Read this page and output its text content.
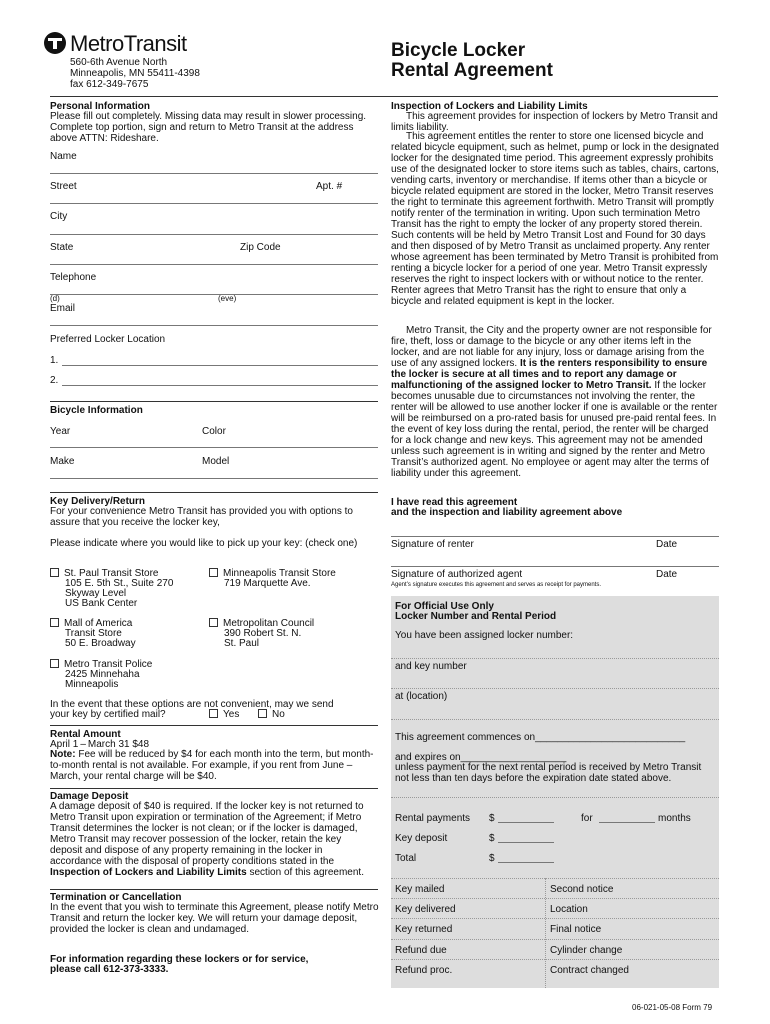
MetroTransit
560-6th Avenue North
Minneapolis, MN 55411-4398
fax 612-349-7675
Bicycle Locker
Rental Agreement
Personal Information
Please fill out completely. Missing data may result in slower processing. Complete top portion, sign and return to Metro Transit at the address above ATTN: Rideshare.
Name
Street	Apt. #
City
State	Zip Code
Telephone
(d)	(eve)
Email
Preferred Locker Location
1.
2.
Bicycle Information
Year	Color
Make	Model
Key Delivery/Return
For your convenience Metro Transit has provided you with options to assure that you receive the locker key,
Please indicate where you would like to pick up your key: (check one)
St. Paul Transit Store
105 E. 5th St., Suite 270
Skyway Level
US Bank Center
Minneapolis Transit Store
719 Marquette Ave.
Mall of America
Transit Store
50 E. Broadway
Metropolitan Council
390 Robert St. N.
St. Paul
Metro Transit Police
2425 Minnehaha
Minneapolis
In the event that these options are not convenient, may we send
your key by certified mail?	Yes	No
Rental Amount
April 1 – March 31 $48
Note: Fee will be reduced by $4 for each month into the term, but month-to-month rental is not available. For example, if you rent from June – March, your rental charge will be $40.
Damage Deposit
A damage deposit of $40 is required. If the locker key is not returned to Metro Transit upon expiration or termination of the Agreement; if Metro Transit determines the locker is not clean; or if the locker is damaged, Metro Transit may recover possession of the locker, retain the key deposit and dispose of any property remaining in the locker in accordance with the disposal of property conditions stated in the Inspection of Lockers and Liability Limits section of this agreement.
Termination or Cancellation
In the event that you wish to terminate this Agreement, please notify Metro Transit and return the locker key. We will return your damage deposit, provided the locker is clean and undamaged.
For information regarding these lockers or for service,
please call 612-373-3333.
Inspection of Lockers and Liability Limits
This agreement provides for inspection of lockers by Metro Transit and limits liability.
This agreement entitles the renter to store one licensed bicycle and related bicycle equipment, such as helmet, pump or lock in the designated locker for the designated time period. This agreement expressly prohibits use of the designated locker to store items such as tables, chairs, cartons, vending carts, inventory or merchandise. If items other than a bicycle or bicycle related equipment are stored in the locker, Metro Transit reserves the right to terminate this agreement forthwith. Metro Transit will promptly notify renter of the termination in writing. Upon such termination Metro Transit has the right to empty the locker of any property stored therein. Such contents will be held by Metro Transit Lost and Found for 30 days and then disposed of by Metro Transit as unclaimed property. Any renter whose agreement has been terminated by Metro Transit is prohibited from renting a bicycle locker for a period of one year. Metro Transit expressly reserves the right to inspect lockers with or without notice to the renter. Renter agrees that Metro Transit has the right to ensure that only a bicycle and related equipment is kept in the locker.
Metro Transit, the City and the property owner are not responsible for fire, theft, loss or damage to the bicycle or any other items left in the locker, and are not liable for any injury, loss or damage arising from the use of any assigned lockers. It is the renters responsibility to ensure the locker is secure at all times and to report any damage or malfunctioning of the assigned locker to Metro Transit. If the locker becomes unusable due to circumstances not involving the renter, the renter will be allowed to use another locker if one is available or the renter will be reimbursed on a pro-rated basis for unused pre-paid rental fees. In the event of key loss during the rental, period, the renter will be charged for a lock change and new keys. This agreement may not be amended unless such agreement is in writing and signed by the renter and Metro Transit’s authorized agent. No employee or agent may alter the terms of liability under this agreement.
I have read this agreement
and the inspection and liability agreement above
Signature of renter	Date
Signature of authorized agent	Date
Agent’s signature executes this agreement and serves as receipt for payments.
For Official Use Only
Locker Number and Rental Period
You have been assigned locker number:
and key number
at (location)
This agreement commences on___________________________
and expires on___________________
unless payment for the next rental period is received by Metro Transit not less than ten days before the expiration date stated above.
Rental payments $	for	months
Key deposit	$
Total	$
Key mailed	Second notice
Key delivered	Location
Key returned	Final notice
Refund due	Cylinder change
Refund proc.	Contract changed
06-021-05-08 Form 79
